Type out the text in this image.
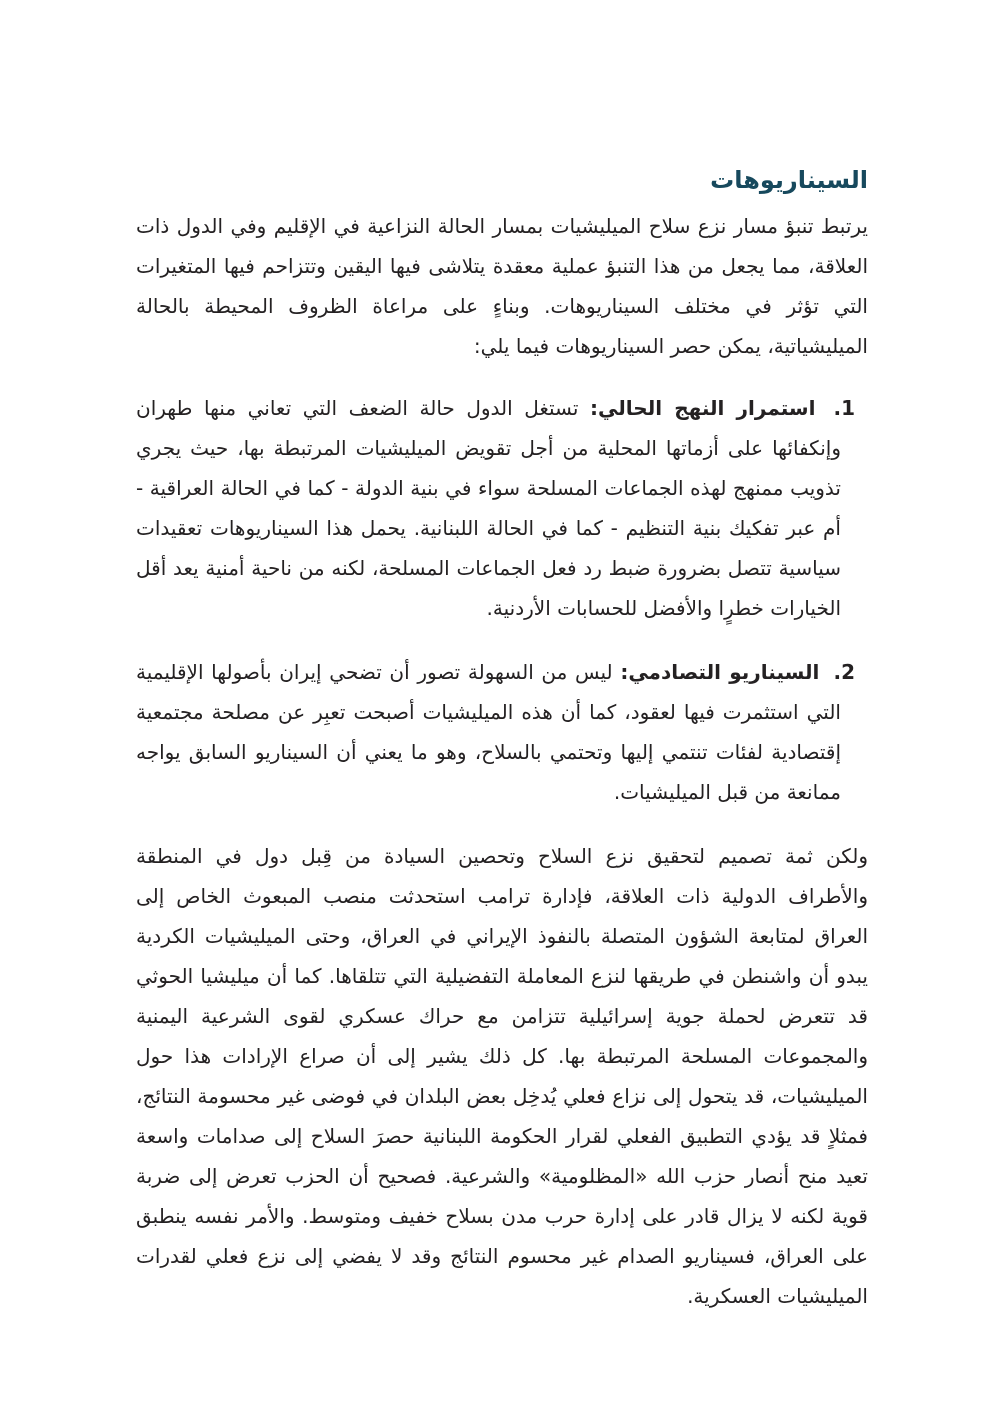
السيناريوهات

يرتبط تنبؤ مسار نزع سلاح الميليشيات بمسار الحالة النزاعية في الإقليم وفي الدول ذات العلاقة، مما يجعل من هذا التنبؤ عملية معقدة يتلاشى فيها اليقين وتتزاحم فيها المتغيرات التي تؤثر في مختلف السيناريوهات. وبناءٍ على مراعاة الظروف المحيطة بالحالة الميليشياتية، يمكن حصر السيناريوهات فيما يلي:

1. استمرار النهج الحالي: تستغل الدول حالة الضعف التي تعاني منها طهران وإنكفائها على أزماتها المحلية من أجل تقويض الميليشيات المرتبطة بها، حيث يجري تذويب ممنهج لهذه الجماعات المسلحة سواء في بنية الدولة - كما في الحالة العراقية - أم عبر تفكيك بنية التنظيم - كما في الحالة اللبنانية. يحمل هذا السيناريوهات تعقيدات سياسية تتصل بضرورة ضبط رد فعل الجماعات المسلحة، لكنه من ناحية أمنية يعد أقل الخيارات خطرٍا والأفضل للحسابات الأردنية.
2. السيناريو التصادمي: ليس من السهولة تصور أن تضحي إيران بأصولها الإقليمية التي استثمرت فيها لعقود، كما أن هذه الميليشيات أصبحت تعبِر عن مصلحة مجتمعية إقتصادية لفئات تنتمي إليها وتحتمي بالسلاح، وهو ما يعني أن السيناريو السابق يواجه ممانعة من قبل الميليشيات.

ولكن ثمة تصميم لتحقيق نزع السلاح وتحصين السيادة من قِبل دول في المنطقة والأطراف الدولية ذات العلاقة، فإدارة ترامب استحدثت منصب المبعوث الخاص إلى العراق لمتابعة الشؤون المتصلة بالنفوذ الإيراني في العراق، وحتى الميليشيات الكردية يبدو أن واشنطن في طريقها لنزع المعاملة التفضيلية التي تتلقاها. كما أن ميليشيا الحوثي قد تتعرض لحملة جوية إسرائيلية تتزامن مع حراك عسكري لقوى الشرعية اليمنية والمجموعات المسلحة المرتبطة بها. كل ذلك يشير إلى أن صراع الإرادات هذا حول الميليشيات، قد يتحول إلى نزاع فعلي يُدخِل بعض البلدان في فوضى غير محسومة النتائج، فمثلاٍ قد يؤدي التطبيق الفعلي لقرار الحكومة اللبنانية حصرَ السلاح إلى صدامات واسعة تعيد منح أنصار حزب الله «المظلومية» والشرعية. فصحيح أن الحزب تعرض إلى ضربة قوية لكنه لا يزال قادر على إدارة حرب مدن بسلاح خفيف ومتوسط. والأمر نفسه ينطبق على العراق، فسيناريو الصدام غير محسوم النتائج وقد لا يفضي إلى نزع فعلي لقدرات الميليشيات العسكرية.
